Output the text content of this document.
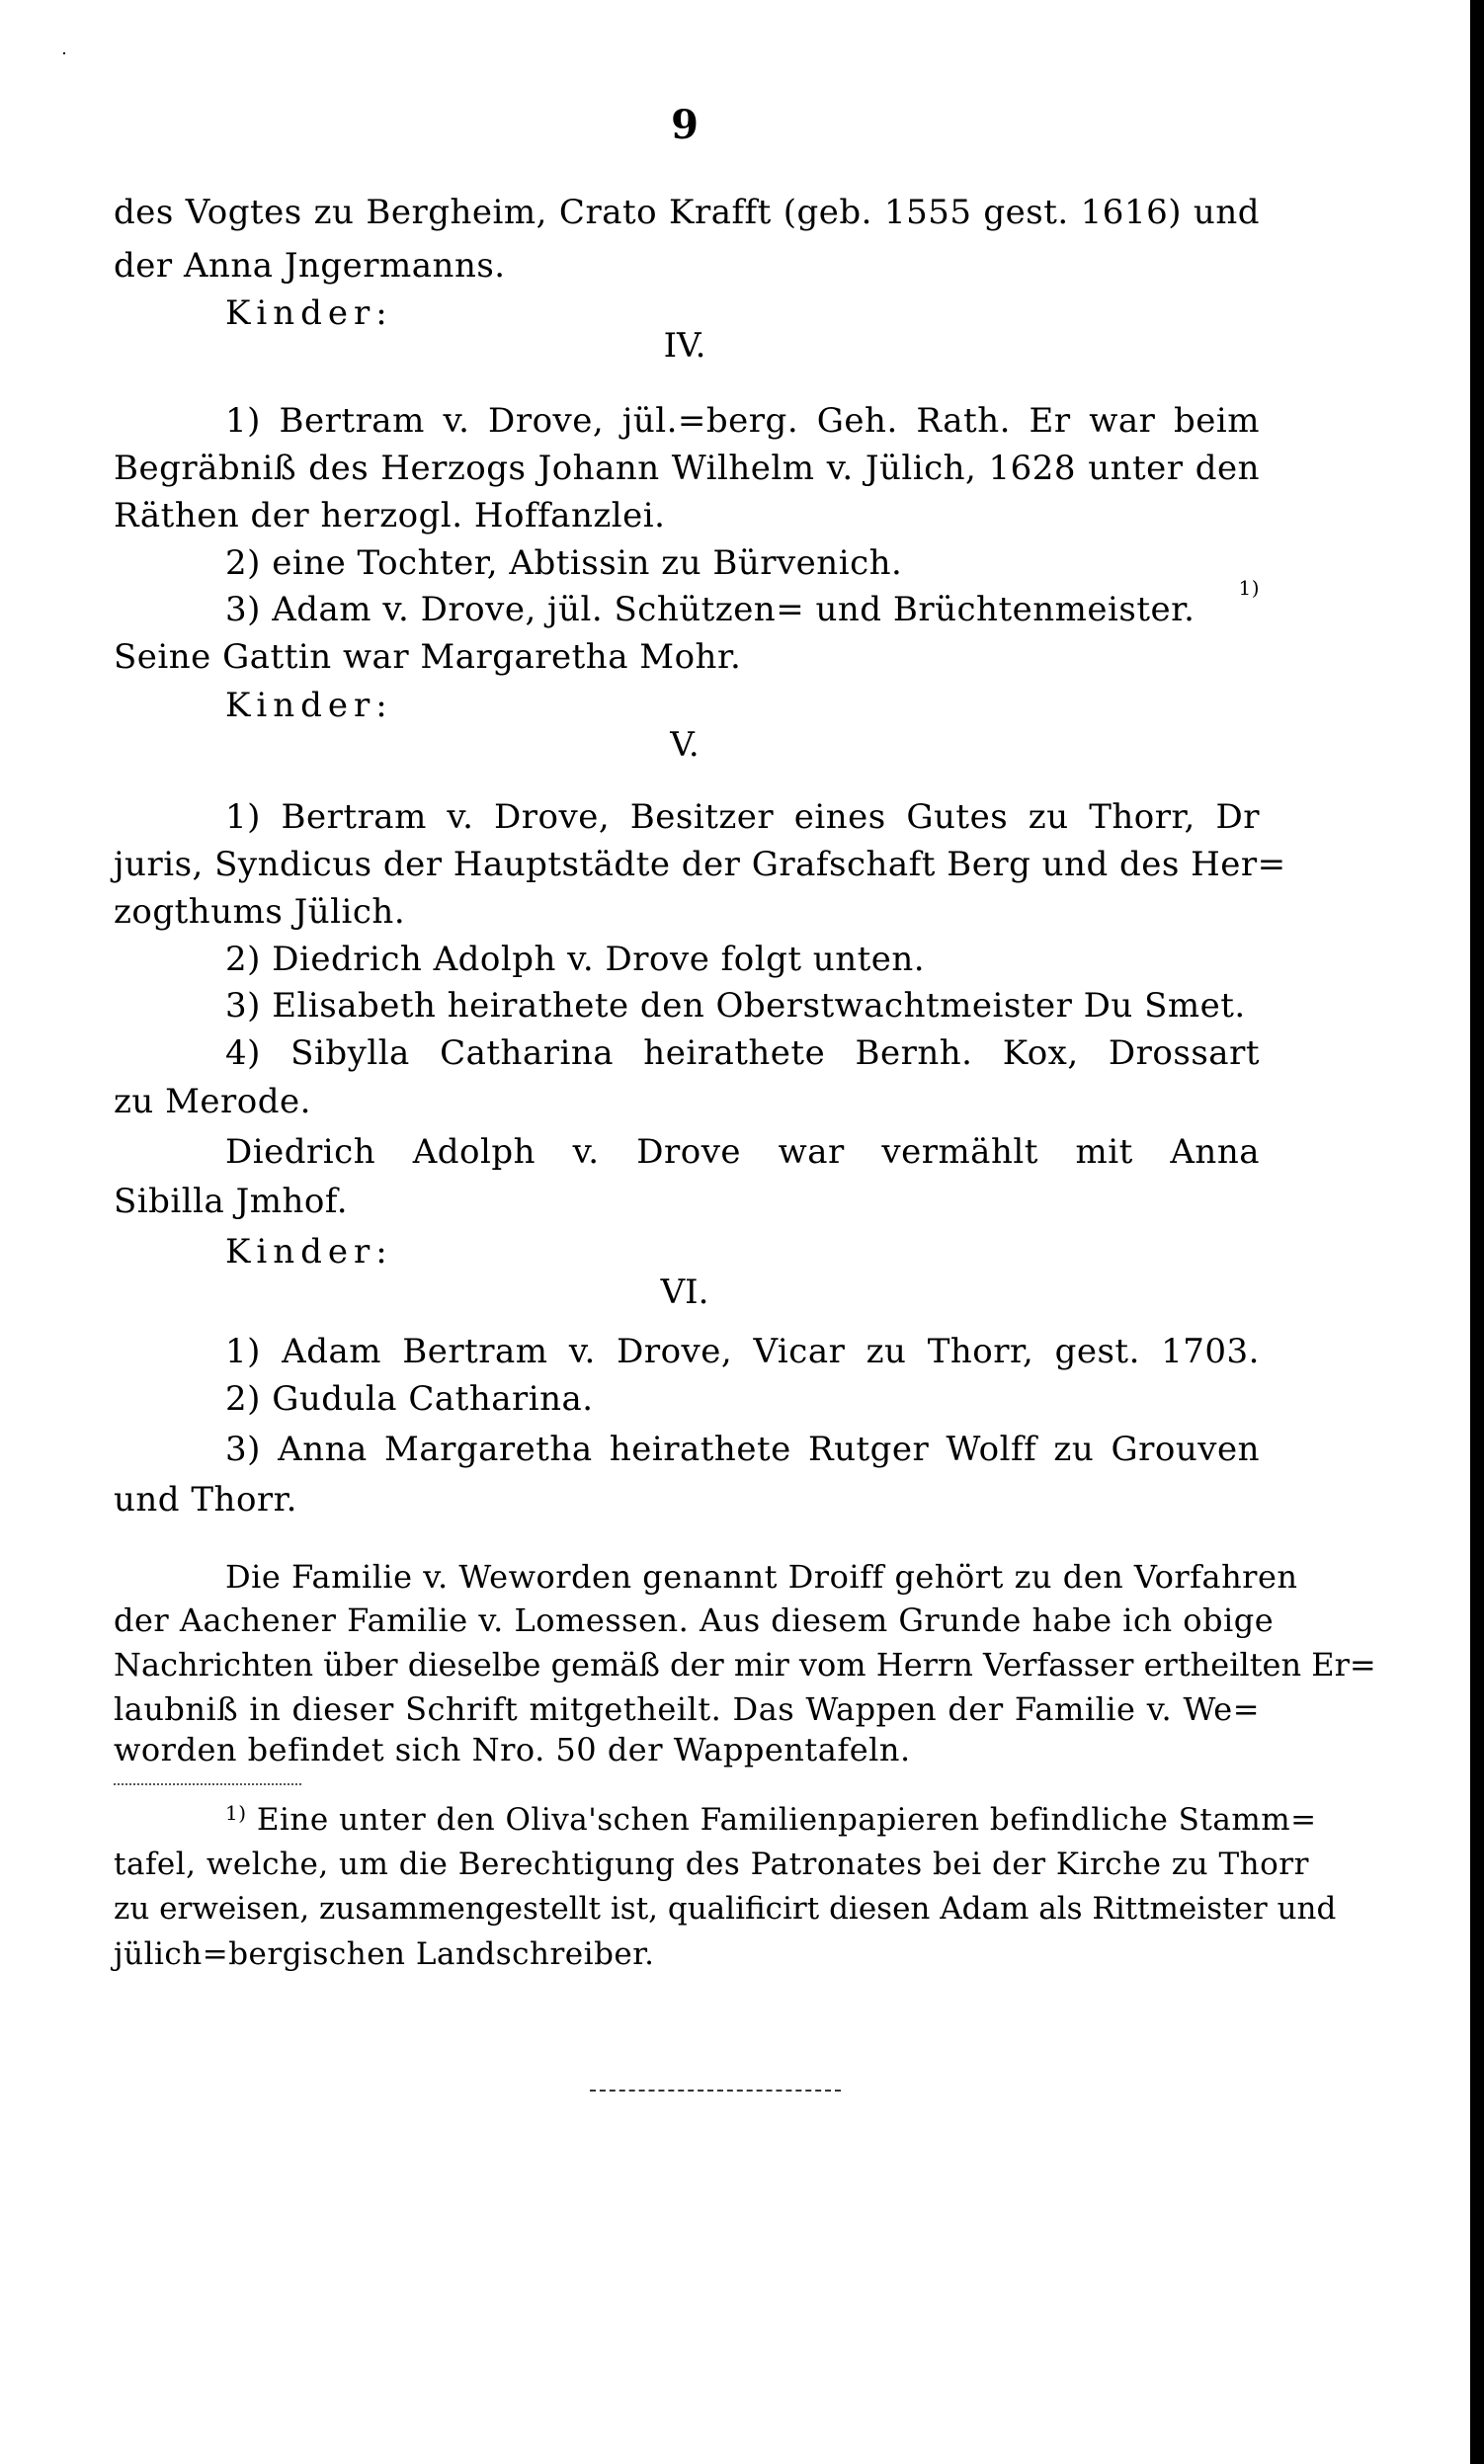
9
des Vogtes zu Bergheim, Crato Krafft (geb. 1555 gest. 1616) und
der Anna Jngermanns.
Kinder:
IV.
1) Bertram v. Drove, jül.=berg. Geh. Rath. Er war beim
Begräbniß des Herzogs Johann Wilhelm v. Jülich, 1628 unter den
Räthen der herzogl. Hoffanzlei.
2) eine Tochter, Abtissin zu Bürvenich.
3) Adam v. Drove, jül. Schützen= und Brüchtenmeister.
1)
Seine Gattin war Margaretha Mohr.
Kinder:
V.
1) Bertram v. Drove, Besitzer eines Gutes zu Thorr, Dr
juris, Syndicus der Hauptstädte der Grafschaft Berg und des Her=
zogthums Jülich.
2) Diedrich Adolph v. Drove folgt unten.
3) Elisabeth heirathete den Oberstwachtmeister Du Smet.
4) Sibylla Catharina heirathete Bernh. Kox, Drossart
zu Merode.
Diedrich Adolph v. Drove war vermählt mit Anna
Sibilla Jmhof.
Kinder:
VI.
1) Adam Bertram v. Drove, Vicar zu Thorr, gest. 1703.
2) Gudula Catharina.
3) Anna Margaretha heirathete Rutger Wolff zu Grouven
und Thorr.
Die Familie v. Weworden genannt Droiff gehört zu den Vorfahren
der Aachener Familie v. Lomessen. Aus diesem Grunde habe ich obige
Nachrichten über dieselbe gemäß der mir vom Herrn Verfasser ertheilten Er=
laubniß in dieser Schrift mitgetheilt. Das Wappen der Familie v. We=
worden befindet sich Nro. 50 der Wappentafeln.
$^{1)}$ Eine unter den Oliva'schen Familienpapieren befindliche Stamm=
tafel, welche, um die Berechtigung des Patronates bei der Kirche zu Thorr
zu erweisen, zusammengestellt ist, qualificirt diesen Adam als Rittmeister und
jülich=bergischen Landschreiber.
